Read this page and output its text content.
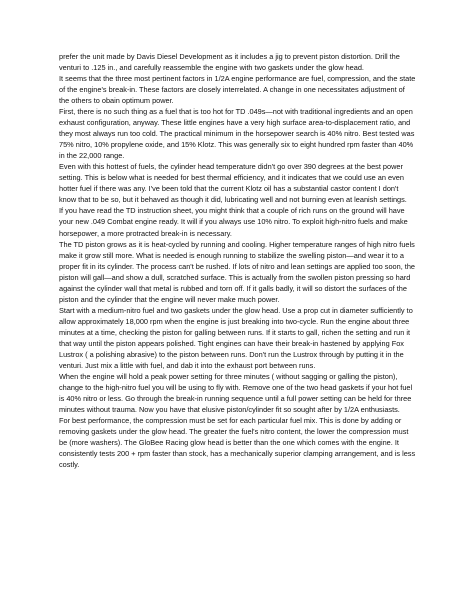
prefer the unit made by Davis Diesel Development as it includes a jig to prevent piston distortion. Drill the venturi to .125 in., and carefully reassemble the engine with two gaskets under the glow head.

It seems that the three most pertinent factors in 1/2A engine performance are fuel, compression, and the state of the engine's break-in. These factors are closely interrelated. A change in one necessitates adjustment of the others to obain optimum power.

First, there is no such thing as a fuel that is too hot for TD .049s—not with traditional ingredients and an open exhaust configuration, anyway. These little engines have a very high surface area-to-displacement ratio, and they most always run too cold. The practical minimum in the horsepower search is 40% nitro. Best tested was 75% nitro, 10% propylene oxide, and 15% Klotz. This was generally six to eight hundred rpm faster than 40% in the 22,000 range.

Even with this hottest of fuels, the cylinder head temperature didn't go over 390 degrees at the best power setting. This is below what is needed for best thermal efficiency, and it indicates that we could use an even hotter fuel if there was any. I've been told that the current Klotz oil has a substantial castor content I don't know that to be so, but it behaved as though it did, lubricating well and not burning even at leanish settings.

If you have read the TD instruction sheet, you might think that a couple of rich runs on the ground will have your new .049 Combat engine ready. It will if you always use 10% nitro. To exploit high-nitro fuels and make horsepower, a more protracted break-in is necessary.

The TD piston grows as it is heat-cycled by running and cooling. Higher temperature ranges of high nitro fuels make it grow still more. What is needed is enough running to stabilize the swelling piston—and wear it to a proper fit in its cylinder. The process can't be rushed. If lots of nitro and lean settings are applied too soon, the piston will gall—and show a dull, scratched surface. This is actually from the swollen piston pressing so hard against the cylinder wall that metal is rubbed and torn off. If it galls badly, it will so distort the surfaces of the piston and the cylinder that the engine will never make much power.

Start with a medium-nitro fuel and two gaskets under the glow head. Use a prop cut in diameter sufficiently to allow approximately 18,000 rpm when the engine is just breaking into two-cycle. Run the engine about three minutes at a time, checking the piston for galling between runs. If it starts to gall, richen the setting and run it that way until the piston appears polished. Tight engines can have their break-in hastened by applying Fox Lustrox ( a polishing abrasive) to the piston between runs. Don't run the Lustrox through by putting it in the venturi. Just mix a little with fuel, and dab it into the exhaust port between runs.

When the engine will hold a peak power setting for three minutes ( without sagging or galling the piston), change to the high-nitro fuel you will be using to fly with. Remove one of the two head gaskets if your hot fuel is 40% nitro or less. Go through the break-in running sequence until a full power setting can be held for three minutes without trauma. Now you have that elusive piston/cylinder fit so sought after by 1/2A enthusiasts.

For best performance, the compression must be set for each particular fuel mix. This is done by adding or removing gaskets under the glow head. The greater the fuel's nitro content, the lower the compression must be (more washers). The GloBee Racing glow head is better than the one which comes with the engine. It consistently tests 200 + rpm faster than stock, has a mechanically superior clamping arrangement, and is less costly.
